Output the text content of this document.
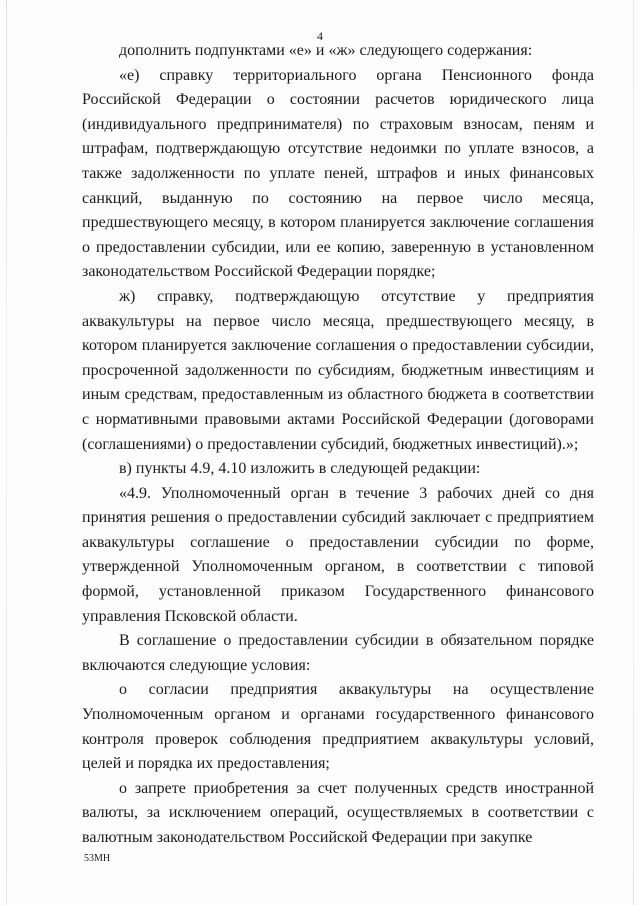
4

дополнить подпунктами «е» и «ж» следующего содержания:

«е) справку территориального органа Пенсионного фонда Российской Федерации о состоянии расчетов юридического лица (индивидуального предпринимателя) по страховым взносам, пеням и штрафам, подтверждающую отсутствие недоимки по уплате взносов, а также задолженности по уплате пеней, штрафов и иных финансовых санкций, выданную по состоянию на первое число месяца, предшествующего месяцу, в котором планируется заключение соглашения о предоставлении субсидии, или ее копию, заверенную в установленном законодательством Российской Федерации порядке;

ж) справку, подтверждающую отсутствие у предприятия аквакультуры на первое число месяца, предшествующего месяцу, в котором планируется заключение соглашения о предоставлении субсидии, просроченной задолженности по субсидиям, бюджетным инвестициям и иным средствам, предоставленным из областного бюджета в соответствии с нормативными правовыми актами Российской Федерации (договорами (соглашениями) о предоставлении субсидий, бюджетных инвестиций).»;

в) пункты 4.9, 4.10 изложить в следующей редакции:

«4.9. Уполномоченный орган в течение 3 рабочих дней со дня принятия решения о предоставлении субсидий заключает с предприятием аквакультуры соглашение о предоставлении субсидии по форме, утвержденной Уполномоченным органом, в соответствии с типовой формой, установленной приказом Государственного финансового управления Псковской области.

В соглашение о предоставлении субсидии в обязательном порядке включаются следующие условия:

о согласии предприятия аквакультуры на осуществление Уполномоченным органом и органами государственного финансового контроля проверок соблюдения предприятием аквакультуры условий, целей и порядка их предоставления;

о запрете приобретения за счет полученных средств иностранной валюты, за исключением операций, осуществляемых в соответствии с валютным законодательством Российской Федерации при закупке

53МН
